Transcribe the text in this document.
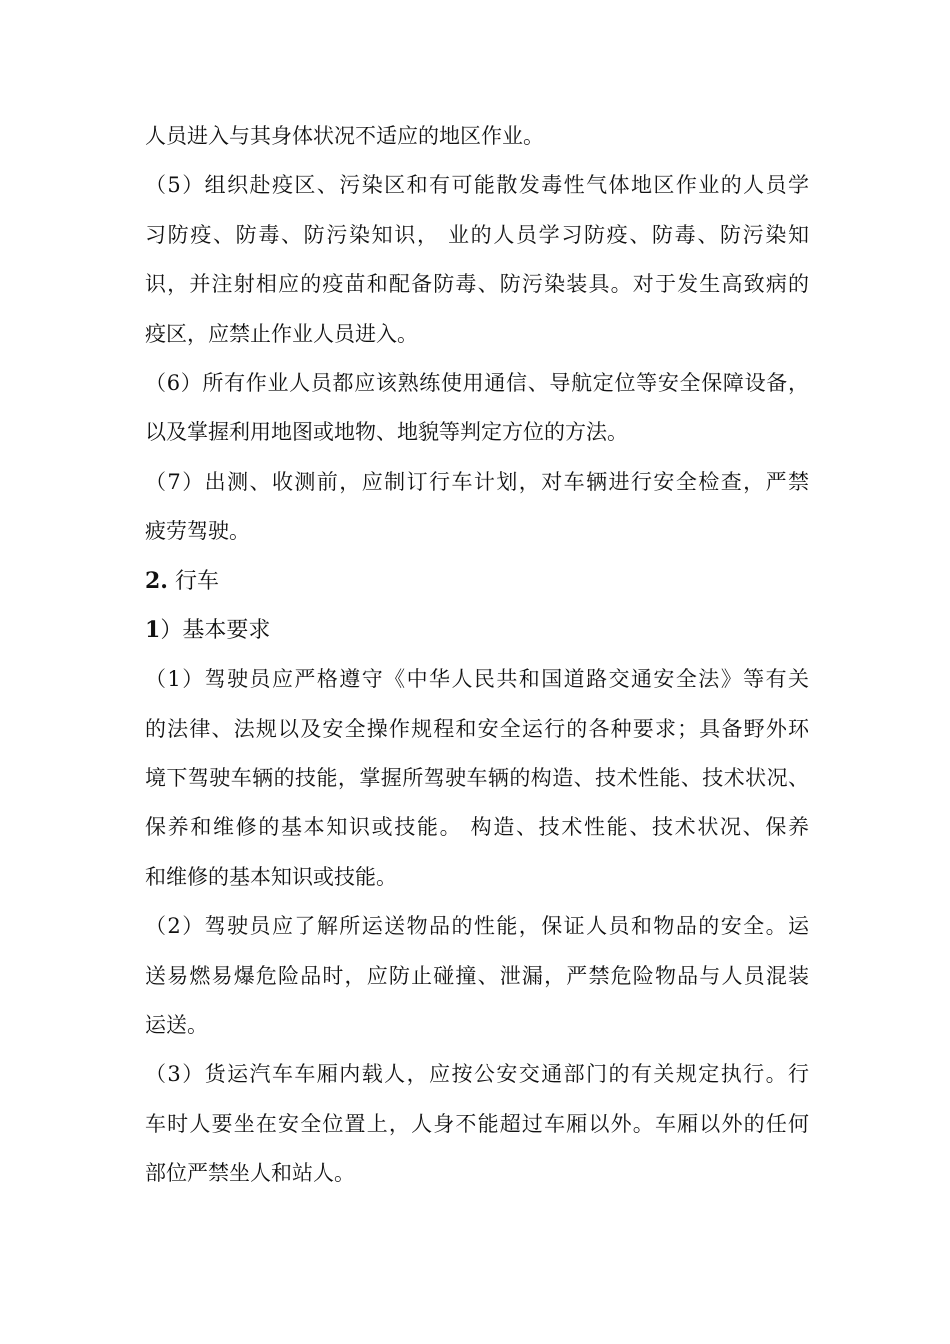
人员进入与其身体状况不适应的地区作业。
（5）组织赴疫区、污染区和有可能散发毒性气体地区作业的人员学
习防疫、防毒、防污染知识， 业的人员学习防疫、防毒、防污染知
识，并注射相应的疫苗和配备防毒、防污染装具。对于发生高致病的
疫区，应禁止作业人员进入。
（6）所有作业人员都应该熟练使用通信、导航定位等安全保障设备，
以及掌握利用地图或地物、地貌等判定方位的方法。
（7）出测、收测前，应制订行车计划，对车辆进行安全检查，严禁
疲劳驾驶。
2. 行车
1）基本要求
（1）驾驶员应严格遵守《中华人民共和国道路交通安全法》等有关
的法律、法规以及安全操作规程和安全运行的各种要求；具备野外环
境下驾驶车辆的技能，掌握所驾驶车辆的构造、技术性能、技术状况、
保养和维修的基本知识或技能。 构造、技术性能、技术状况、保养
和维修的基本知识或技能。
（2）驾驶员应了解所运送物品的性能，保证人员和物品的安全。运
送易燃易爆危险品时，应防止碰撞、泄漏，严禁危险物品与人员混装
运送。
（3）货运汽车车厢内载人，应按公安交通部门的有关规定执行。行
车时人要坐在安全位置上，人身不能超过车厢以外。车厢以外的任何
部位严禁坐人和站人。
